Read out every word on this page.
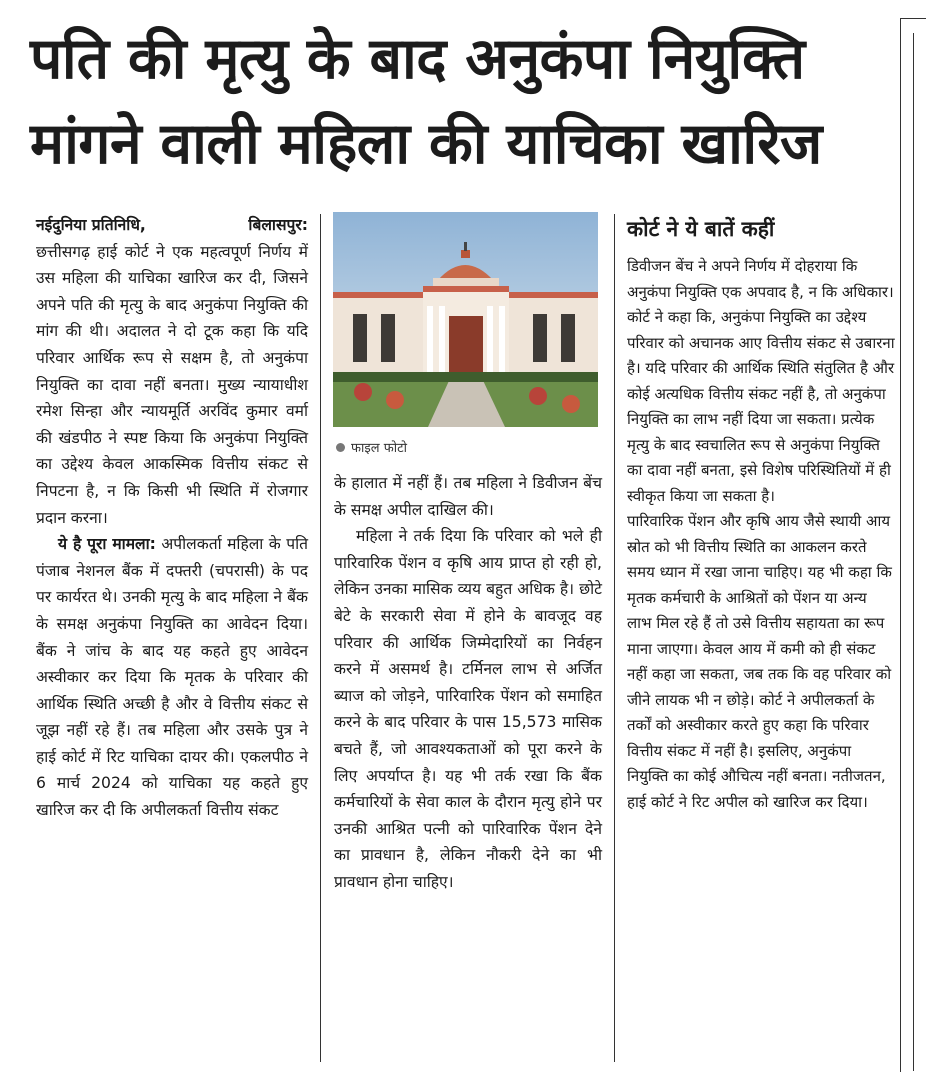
पति की मृत्यु के बाद अनुकंपा नियुक्ति
मांगने वाली महिला की याचिका खारिज

नईदुनिया प्रतिनिधि,	बिलासपुर:

छत्तीसगढ़ हाई कोर्ट ने एक महत्वपूर्ण निर्णय में उस महिला की याचिका खारिज कर दी, जिसने अपने पति की मृत्यु के बाद अनुकंपा नियुक्ति की मांग की थी। अदालत ने दो टूक कहा कि यदि परिवार आर्थिक रूप से सक्षम है, तो अनुकंपा नियुक्ति का दावा नहीं बनता। मुख्य न्यायाधीश रमेश सिन्हा और न्यायमूर्ति अरविंद कुमार वर्मा की खंडपीठ ने स्पष्ट किया कि अनुकंपा नियुक्ति का उद्देश्य केवल आकस्मिक वित्तीय संकट से निपटना है, न कि किसी भी स्थिति में रोजगार प्रदान करना।

ये है पूरा मामला: अपीलकर्ता महिला के पति पंजाब नेशनल बैंक में दफ्तरी (चपरासी) के पद पर कार्यरत थे। उनकी मृत्यु के बाद महिला ने बैंक के समक्ष अनुकंपा नियुक्ति का आवेदन दिया। बैंक ने जांच के बाद यह कहते हुए आवेदन अस्वीकार कर दिया कि मृतक के परिवार की आर्थिक स्थिति अच्छी है और वे वित्तीय संकट से जूझ नहीं रहे हैं। तब महिला और उसके पुत्र ने हाई कोर्ट में रिट याचिका दायर की। एकलपीठ ने 6 मार्च 2024 को याचिका यह कहते हुए खारिज कर दी कि अपीलकर्ता वित्तीय संकट

फाइल फोटो

के हालात में नहीं हैं। तब महिला ने डिवीजन बेंच के समक्ष अपील दाखिल की।

महिला ने तर्क दिया कि परिवार को भले ही पारिवारिक पेंशन व कृषि आय प्राप्त हो रही हो, लेकिन उनका मासिक व्यय बहुत अधिक है। छोटे बेटे के सरकारी सेवा में होने के बावजूद वह परिवार की आर्थिक जिम्मेदारियों का निर्वहन करने में असमर्थ है। टर्मिनल लाभ से अर्जित ब्याज को जोड़ने, पारिवारिक पेंशन को समाहित करने के बाद परिवार के पास 15,573 मासिक बचते हैं, जो आवश्यकताओं को पूरा करने के लिए अपर्याप्त है। यह भी तर्क रखा कि बैंक कर्मचारियों के सेवा काल के दौरान मृत्यु होने पर उनकी आश्रित पत्नी को पारिवारिक पेंशन देने का प्रावधान है, लेकिन नौकरी देने का भी प्रावधान होना चाहिए।

कोर्ट ने ये बातें कहीं

डिवीजन बेंच ने अपने निर्णय में दोहराया कि अनुकंपा नियुक्ति एक अपवाद है, न कि अधिकार। कोर्ट ने कहा कि, अनुकंपा नियुक्ति का उद्देश्य परिवार को अचानक आए वित्तीय संकट से उबारना है। यदि परिवार की आर्थिक स्थिति संतुलित है और कोई अत्यधिक वित्तीय संकट नहीं है, तो अनुकंपा नियुक्ति का लाभ नहीं दिया जा सकता। प्रत्येक मृत्यु के बाद स्वचालित रूप से अनुकंपा नियुक्ति का दावा नहीं बनता, इसे विशेष परिस्थितियों में ही स्वीकृत किया जा सकता है।

पारिवारिक पेंशन और कृषि आय जैसे स्थायी आय स्रोत को भी वित्तीय स्थिति का आकलन करते समय ध्यान में रखा जाना चाहिए। यह भी कहा कि मृतक कर्मचारी के आश्रितों को पेंशन या अन्य लाभ मिल रहे हैं तो उसे वित्तीय सहायता का रूप माना जाएगा। केवल आय में कमी को ही संकट नहीं कहा जा सकता, जब तक कि वह परिवार को जीने लायक भी न छोड़े। कोर्ट ने अपीलकर्ता के तर्कों को अस्वीकार करते हुए कहा कि परिवार वित्तीय संकट में नहीं है। इसलिए, अनुकंपा नियुक्ति का कोई औचित्य नहीं बनता। नतीजतन, हाई कोर्ट ने रिट अपील को खारिज कर दिया।
